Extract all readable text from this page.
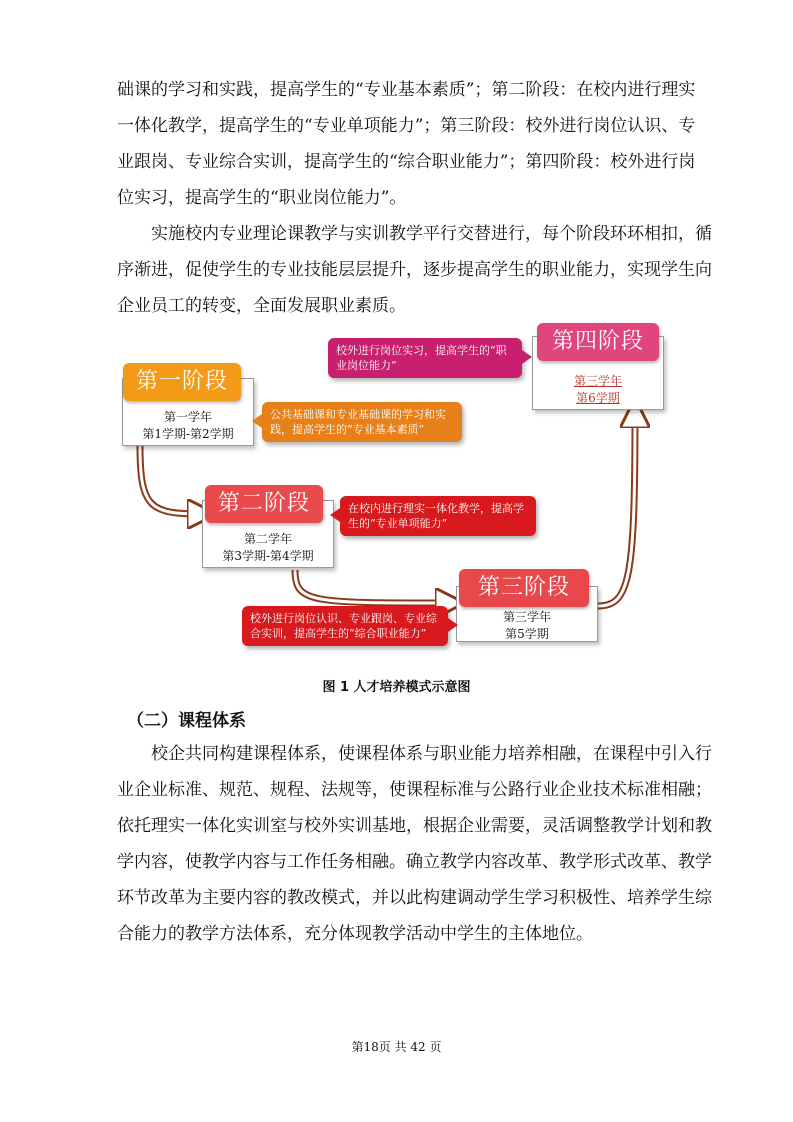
础课的学习和实践，提高学生的“专业基本素质”；第二阶段：在校内进行理实
一体化教学，提高学生的“专业单项能力”；第三阶段：校外进行岗位认识、专
业跟岗、专业综合实训，提高学生的“综合职业能力”；第四阶段：校外进行岗
位实习，提高学生的“职业岗位能力”。
实施校内专业理论课教学与实训教学平行交替进行，每个阶段环环相扣，循
序渐进，促使学生的专业技能层层提升，逐步提高学生的职业能力，实现学生向
企业员工的转变，全面发展职业素质。
第一阶段
第一学年
第1学期-第2学期
公共基础课和专业基础课的学习和实践，提高学生的“专业基本素质”
第二阶段
第二学年
第3学期-第4学期
在校内进行理实一体化教学，提高学生的“专业单项能力”
第三阶段
第三学年
第5学期
校外进行岗位认识、专业跟岗、专业综合实训，提高学生的“综合职业能力”
第四阶段
第三学年
第6学期
校外进行岗位实习，提高学生的“职业岗位能力”
图 1 人才培养模式示意图
（二）课程体系
校企共同构建课程体系，使课程体系与职业能力培养相融，在课程中引入行
业企业标准、规范、规程、法规等，使课程标准与公路行业企业技术标准相融；
依托理实一体化实训室与校外实训基地，根据企业需要，灵活调整教学计划和教
学内容，使教学内容与工作任务相融。确立教学内容改革、教学形式改革、教学
环节改革为主要内容的教改模式，并以此构建调动学生学习积极性、培养学生综
合能力的教学方法体系，充分体现教学活动中学生的主体地位。
第18页 共 42 页
